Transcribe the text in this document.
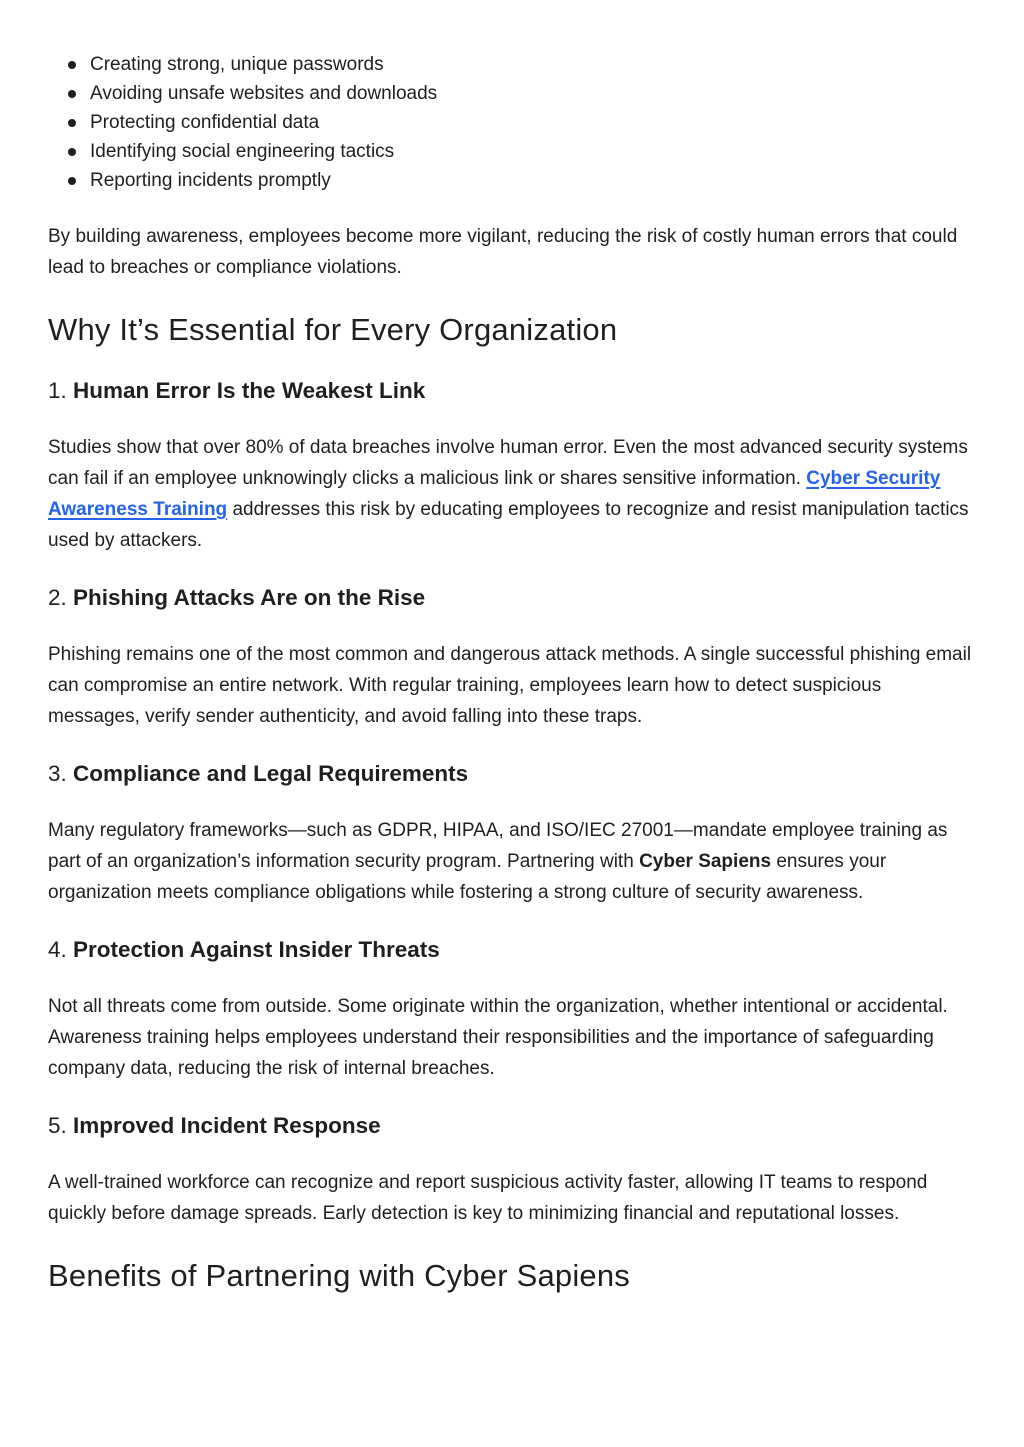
Creating strong, unique passwords
Avoiding unsafe websites and downloads
Protecting confidential data
Identifying social engineering tactics
Reporting incidents promptly

By building awareness, employees become more vigilant, reducing the risk of costly human errors that could lead to breaches or compliance violations.

Why It’s Essential for Every Organization
1. Human Error Is the Weakest Link

Studies show that over 80% of data breaches involve human error. Even the most advanced security systems can fail if an employee unknowingly clicks a malicious link or shares sensitive information. Cyber Security Awareness Training addresses this risk by educating employees to recognize and resist manipulation tactics used by attackers.

2. Phishing Attacks Are on the Rise

Phishing remains one of the most common and dangerous attack methods. A single successful phishing email can compromise an entire network. With regular training, employees learn how to detect suspicious messages, verify sender authenticity, and avoid falling into these traps.

3. Compliance and Legal Requirements

Many regulatory frameworks—such as GDPR, HIPAA, and ISO/IEC 27001—mandate employee training as part of an organization’s information security program. Partnering with Cyber Sapiens ensures your organization meets compliance obligations while fostering a strong culture of security awareness.

4. Protection Against Insider Threats

Not all threats come from outside. Some originate within the organization, whether intentional or accidental. Awareness training helps employees understand their responsibilities and the importance of safeguarding company data, reducing the risk of internal breaches.

5. Improved Incident Response

A well-trained workforce can recognize and report suspicious activity faster, allowing IT teams to respond quickly before damage spreads. Early detection is key to minimizing financial and reputational losses.

Benefits of Partnering with Cyber Sapiens
